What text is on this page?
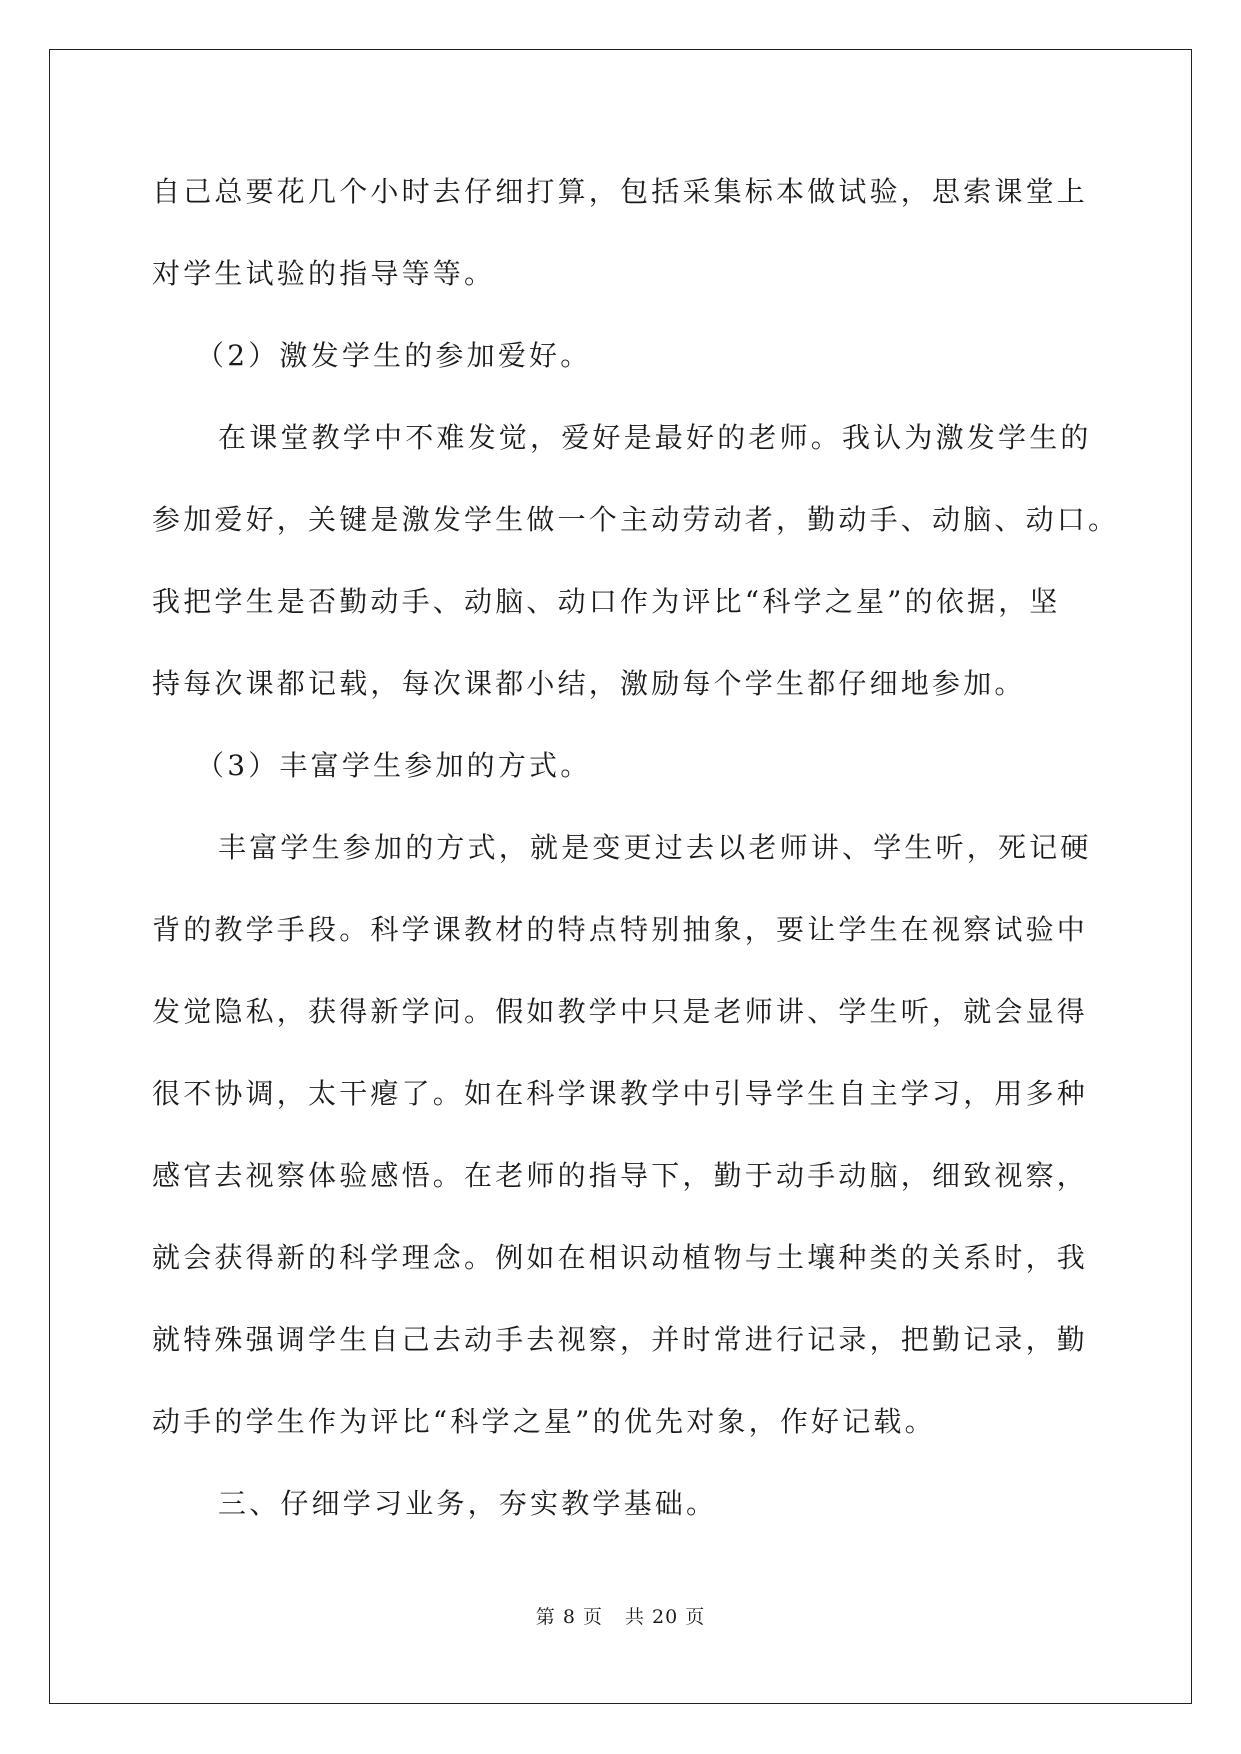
自己总要花几个小时去仔细打算，包括采集标本做试验，思索课堂上
对学生试验的指导等等。
（2）激发学生的参加爱好。
在课堂教学中不难发觉，爱好是最好的老师。我认为激发学生的
参加爱好，关键是激发学生做一个主动劳动者，勤动手、动脑、动口。
我把学生是否勤动手、动脑、动口作为评比“科学之星”的依据，坚
持每次课都记载，每次课都小结，激励每个学生都仔细地参加。
（3）丰富学生参加的方式。
丰富学生参加的方式，就是变更过去以老师讲、学生听，死记硬
背的教学手段。科学课教材的特点特别抽象，要让学生在视察试验中
发觉隐私，获得新学问。假如教学中只是老师讲、学生听，就会显得
很不协调，太干瘪了。如在科学课教学中引导学生自主学习，用多种
感官去视察体验感悟。在老师的指导下，勤于动手动脑，细致视察，
就会获得新的科学理念。例如在相识动植物与土壤种类的关系时，我
就特殊强调学生自己去动手去视察，并时常进行记录，把勤记录，勤
动手的学生作为评比“科学之星”的优先对象，作好记载。
三、仔细学习业务，夯实教学基础。
第 8 页 共 20 页
